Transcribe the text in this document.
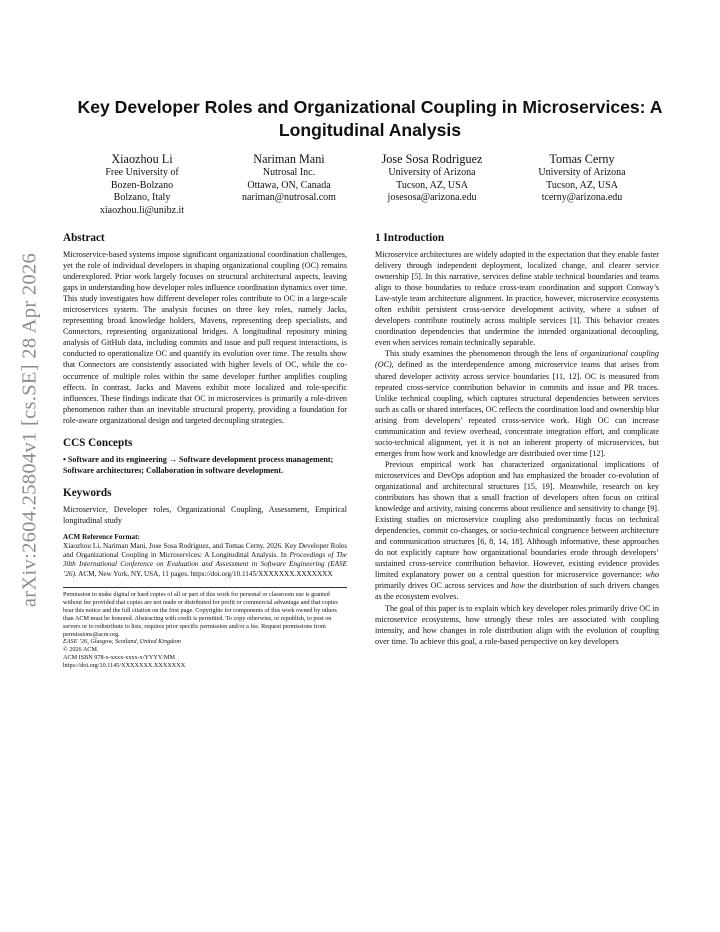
arXiv:2604.25804v1 [cs.SE] 28 Apr 2026
Key Developer Roles and Organizational Coupling in Microservices: A Longitudinal Analysis
Xiaozhou Li
Free University of
Bozen-Bolzano
Bolzano, Italy
xiaozhou.li@unibz.it
Nariman Mani
Nutrosal Inc.
Ottawa, ON, Canada
nariman@nutrosal.com
Jose Sosa Rodriguez
University of Arizona
Tucson, AZ, USA
josesosa@arizona.edu
Tomas Cerny
University of Arizona
Tucson, AZ, USA
tcerny@arizona.edu
Abstract

Microservice-based systems impose significant organizational coordination challenges, yet the role of individual developers in shaping organizational coupling (OC) remains underexplored. Prior work largely focuses on structural architectural aspects, leaving gaps in understanding how developer roles influence coordination dynamics over time. This study investigates how different developer roles contribute to OC in a large-scale microservices system. The analysis focuses on three key roles, namely Jacks, representing broad knowledge holders, Mavens, representing deep specialists, and Connectors, representing organizational bridges. A longitudinal repository mining analysis of GitHub data, including commits and issue and pull request interactions, is conducted to operationalize OC and quantify its evolution over time. The results show that Connectors are consistently associated with higher levels of OC, while the co-occurrence of multiple roles within the same developer further amplifies coupling effects. In contrast, Jacks and Mavens exhibit more localized and role-specific influences. These findings indicate that OC in microservices is primarily a role-driven phenomenon rather than an inevitable structural property, providing a foundation for role-aware organizational design and targeted decoupling strategies.

CCS Concepts

• Software and its engineering → Software development process management; Software architectures; Collaboration in software development.

Keywords

Microservice, Developer roles, Organizational Coupling, Assessment, Empirical longitudinal study

ACM Reference Format:

Xiaozhou Li, Nariman Mani, Jose Sosa Rodriguez, and Tomas Cerny. 2026. Key Developer Roles and Organizational Coupling in Microservices: A Longitudinal Analysis. In Proceedings of The 30th International Conference on Evaluation and Assessment in Software Engineering (EASE ’26). ACM, New York, NY, USA, 11 pages. https://doi.org/10.1145/XXXXXXX.XXXXXXX

Permission to make digital or hard copies of all or part of this work for personal or classroom use is granted without fee provided that copies are not made or distributed for profit or commercial advantage and that copies bear this notice and the full citation on the first page. Copyrights for components of this work owned by others than ACM must be honored. Abstracting with credit is permitted. To copy otherwise, or republish, to post on servers or to redistribute to lists, requires prior specific permission and/or a fee. Request permissions from permissions@acm.org.

EASE ’26, Glasgow, Scotland, United Kingdom

© 2026 ACM.

ACM ISBN 978-x-xxxx-xxxx-x/YYYY/MM

https://doi.org/10.1145/XXXXXXX.XXXXXXX

1 Introduction

Microservice architectures are widely adopted in the expectation that they enable faster delivery through independent deployment, localized change, and clearer service ownership [5]. In this narrative, services define stable technical boundaries and teams align to those boundaries to reduce cross-team coordination and support Conway’s Law-style team architecture alignment. In practice, however, microservice ecosystems often exhibit persistent cross-service development activity, where a subset of developers contribute routinely across multiple services [1]. This behavior creates coordination dependencies that undermine the intended organizational decoupling, even when services remain technically separable.

This study examines the phenomenon through the lens of organizational coupling (OC), defined as the interdependence among microservice teams that arises from shared developer activity across service boundaries [11, 12]. OC is measured from repeated cross-service contribution behavior in commits and issue and PR traces. Unlike technical coupling, which captures structural dependencies between services such as calls or shared interfaces, OC reflects the coordination load and ownership blur arising from developers’ repeated cross-service work. High OC can increase communication and review overhead, concentrate integration effort, and complicate socio-technical alignment, yet it is not an inherent property of microservices, but emerges from how work and knowledge are distributed over time [12].

Previous empirical work has characterized organizational implications of microservices and DevOps adoption and has emphasized the broader co-evolution of organizational and architectural structures [15, 19]. Meanwhile, research on key contributors has shown that a small fraction of developers often focus on critical knowledge and activity, raising concerns about resilience and sensitivity to change [9]. Existing studies on microservice coupling also predominantly focus on technical dependencies, commit co-changes, or socio-technical congruence between architecture and communication structures [6, 8, 14, 18]. Although informative, these approaches do not explicitly capture how organizational boundaries erode through developers’ sustained cross-service contribution behavior. However, existing evidence provides limited explanatory power on a central question for microservice governance: who primarily drives OC across services and how the distribution of such drivers changes as the ecosystem evolves.

The goal of this paper is to explain which key developer roles primarily drive OC in microservice ecosystems, how strongly these roles are associated with coupling intensity, and how changes in role distribution align with the evolution of coupling over time. To achieve this goal, a role-based perspective on key developers
